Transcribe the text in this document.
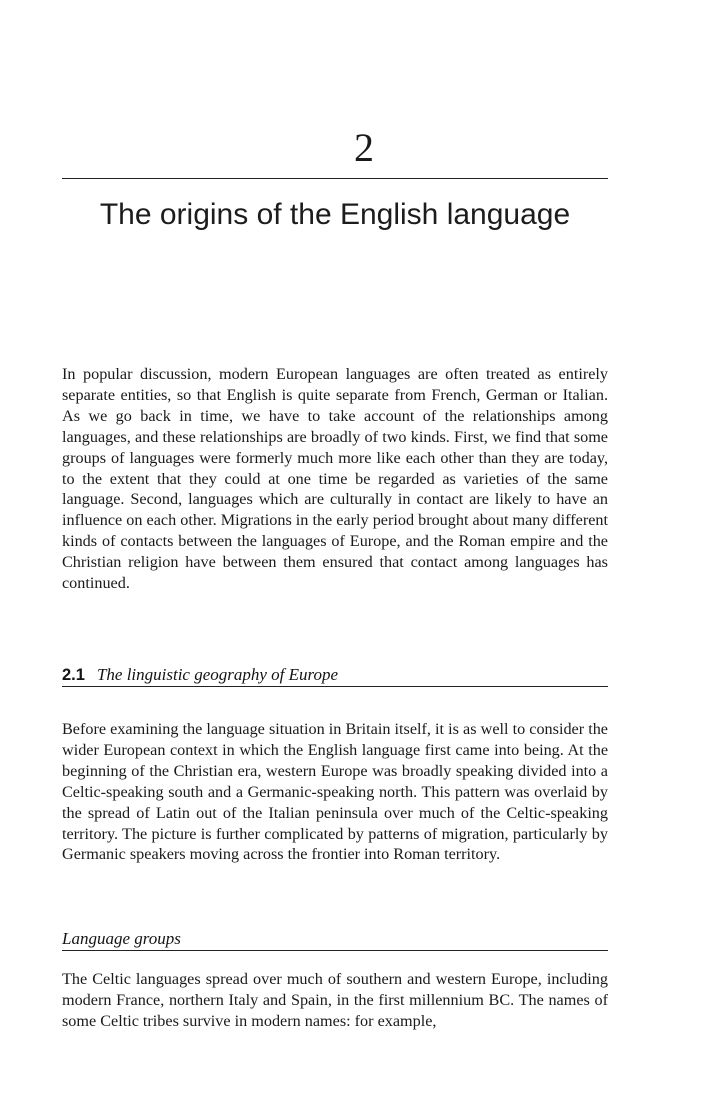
2
The origins of the English language
In popular discussion, modern European languages are often treated as entirely separate entities, so that English is quite separate from French, German or Italian. As we go back in time, we have to take account of the relationships among languages, and these relationships are broadly of two kinds. First, we find that some groups of languages were formerly much more like each other than they are today, to the extent that they could at one time be regarded as varieties of the same language. Second, languages which are culturally in contact are likely to have an influence on each other. Migrations in the early period brought about many different kinds of contacts between the languages of Europe, and the Roman empire and the Christian religion have between them ensured that contact among languages has continued.
2.1 The linguistic geography of Europe
Before examining the language situation in Britain itself, it is as well to consider the wider European context in which the English language first came into being. At the beginning of the Christian era, western Europe was broadly speaking divided into a Celtic-speaking south and a Germanic-speaking north. This pattern was overlaid by the spread of Latin out of the Italian peninsula over much of the Celtic-speaking territory. The picture is further complicated by patterns of migration, particularly by Germanic speakers moving across the frontier into Roman territory.
Language groups
The Celtic languages spread over much of southern and western Europe, including modern France, northern Italy and Spain, in the first millennium BC. The names of some Celtic tribes survive in modern names: for example,
